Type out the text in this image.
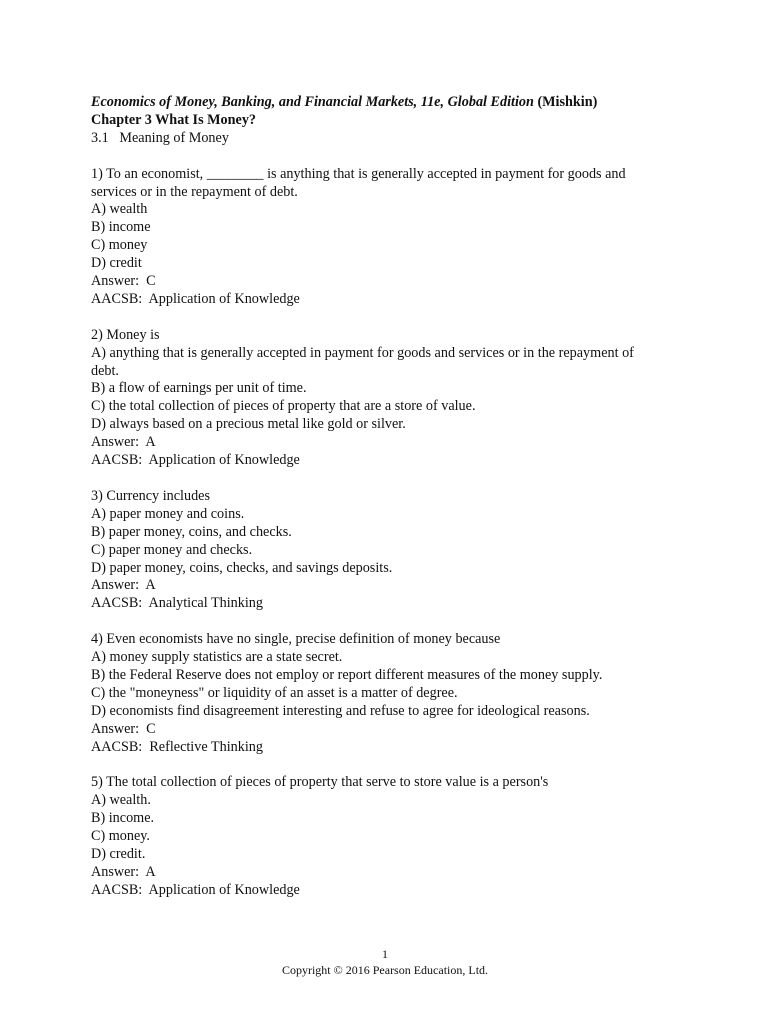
Economics of Money, Banking, and Financial Markets, 11e, Global Edition (Mishkin)

Chapter 3 What Is Money?

3.1   Meaning of Money

1) To an economist, ________ is anything that is generally accepted in payment for goods and

services or in the repayment of debt.

A) wealth

B) income

C) money

D) credit

Answer:  C

AACSB:  Application of Knowledge

2) Money is

A) anything that is generally accepted in payment for goods and services or in the repayment of

debt.

B) a flow of earnings per unit of time.

C) the total collection of pieces of property that are a store of value.

D) always based on a precious metal like gold or silver.

Answer:  A

AACSB:  Application of Knowledge

3) Currency includes

A) paper money and coins.

B) paper money, coins, and checks.

C) paper money and checks.

D) paper money, coins, checks, and savings deposits.

Answer:  A

AACSB:  Analytical Thinking

4) Even economists have no single, precise definition of money because

A) money supply statistics are a state secret.

B) the Federal Reserve does not employ or report different measures of the money supply.

C) the "moneyness" or liquidity of an asset is a matter of degree.

D) economists find disagreement interesting and refuse to agree for ideological reasons.

Answer:  C

AACSB:  Reflective Thinking

5) The total collection of pieces of property that serve to store value is a person's

A) wealth.

B) income.

C) money.

D) credit.

Answer:  A

AACSB:  Application of Knowledge

1
Copyright © 2016 Pearson Education, Ltd.
